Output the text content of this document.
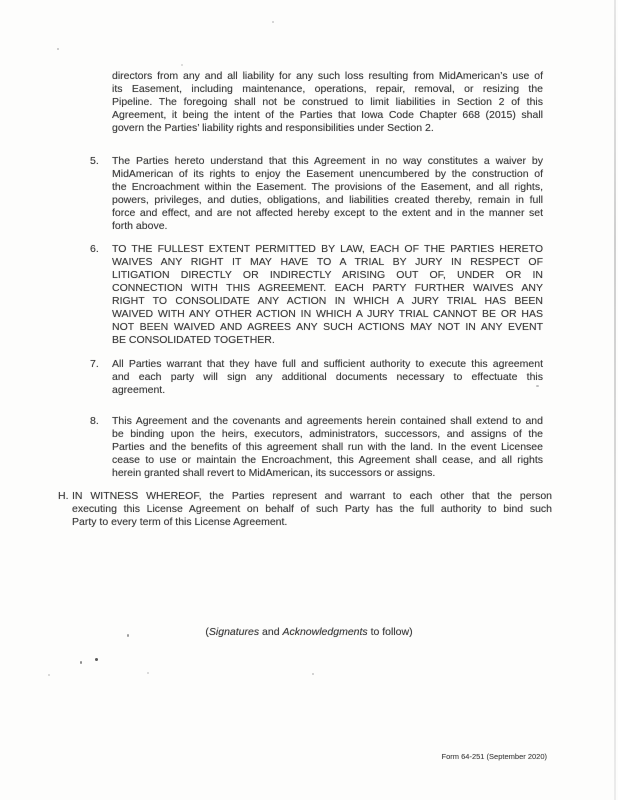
directors from any and all liability for any such loss resulting from MidAmerican’s use of
its Easement, including maintenance, operations, repair, removal, or resizing the
Pipeline. The foregoing shall not be construed to limit liabilities in Section 2 of this
Agreement, it being the intent of the Parties that Iowa Code Chapter 668 (2015) shall
govern the Parties’ liability rights and responsibilities under Section 2.
5. The Parties hereto understand that this Agreement in no way constitutes a waiver by
MidAmerican of its rights to enjoy the Easement unencumbered by the construction of
the Encroachment within the Easement. The provisions of the Easement, and all rights,
powers, privileges, and duties, obligations, and liabilities created thereby, remain in full
force and effect, and are not affected hereby except to the extent and in the manner set
forth above.
6. TO THE FULLEST EXTENT PERMITTED BY LAW, EACH OF THE PARTIES HERETO
WAIVES ANY RIGHT IT MAY HAVE TO A TRIAL BY JURY IN RESPECT OF
LITIGATION DIRECTLY OR INDIRECTLY ARISING OUT OF, UNDER OR IN
CONNECTION WITH THIS AGREEMENT. EACH PARTY FURTHER WAIVES ANY
RIGHT TO CONSOLIDATE ANY ACTION IN WHICH A JURY TRIAL HAS BEEN
WAIVED WITH ANY OTHER ACTION IN WHICH A JURY TRIAL CANNOT BE OR HAS
NOT BEEN WAIVED AND AGREES ANY SUCH ACTIONS MAY NOT IN ANY EVENT
BE CONSOLIDATED TOGETHER.
7. All Parties warrant that they have full and sufficient authority to execute this agreement
and each party will sign any additional documents necessary to effectuate this
agreement.
8. This Agreement and the covenants and agreements herein contained shall extend to and
be binding upon the heirs, executors, administrators, successors, and assigns of the
Parties and the benefits of this agreement shall run with the land. In the event Licensee
cease to use or maintain the Encroachment, this Agreement shall cease, and all rights
herein granted shall revert to MidAmerican, its successors or assigns.
H. IN WITNESS WHEREOF, the Parties represent and warrant to each other that the person
executing this License Agreement on behalf of such Party has the full authority to bind such
Party to every term of this License Agreement.
(Signatures and Acknowledgments to follow)
Form 64-251 (September 2020)
